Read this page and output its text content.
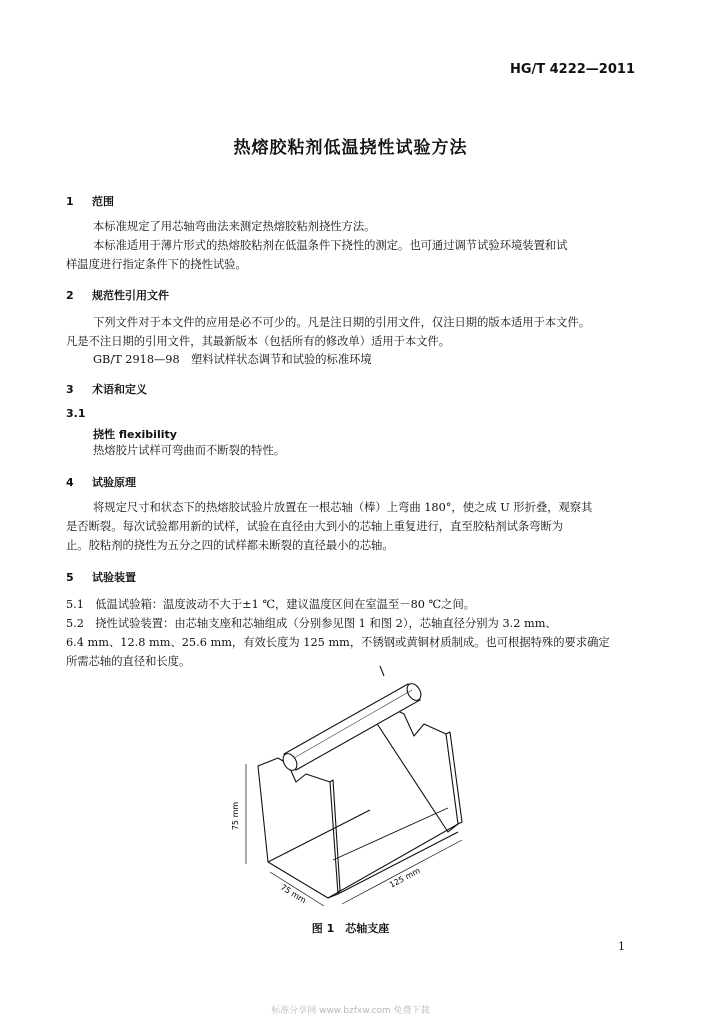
HG/T 4222—2011
热熔胶粘剂低温挠性试验方法
1 范围
本标准规定了用芯轴弯曲法来测定热熔胶粘剂挠性方法。
本标准适用于薄片形式的热熔胶粘剂在低温条件下挠性的测定。也可通过调节试验环境装置和试
样温度进行指定条件下的挠性试验。
2 规范性引用文件
下列文件对于本文件的应用是必不可少的。凡是注日期的引用文件，仅注日期的版本适用于本文件。
凡是不注日期的引用文件，其最新版本（包括所有的修改单）适用于本文件。
GB/T 2918—98　塑料试样状态调节和试验的标准环境
3 术语和定义
3.1
挠性 flexibility
热熔胶片试样可弯曲而不断裂的特性。
4 试验原理
将规定尺寸和状态下的热熔胶试验片放置在一根芯轴（棒）上弯曲 180°，使之成 U 形折叠，观察其
是否断裂。每次试验都用新的试样，试验在直径由大到小的芯轴上重复进行，直至胶粘剂试条弯断为
止。胶粘剂的挠性为五分之四的试样都未断裂的直径最小的芯轴。
5 试验装置
5.1　低温试验箱：温度波动不大于±1 ℃，建议温度区间在室温至－80 ℃之间。
5.2　挠性试验装置：由芯轴支座和芯轴组成（分别参见图 1 和图 2），芯轴直径分别为 3.2 mm、
6.4 mm、12.8 mm、25.6 mm，有效长度为 125 mm，不锈钢或黄铜材质制成。也可根据特殊的要求确定
所需芯轴的直径和长度。
75 mm
75 mm
125 mm
图 1　芯轴支座
1
标准分享网 www.bzfxw.com 免费下载
